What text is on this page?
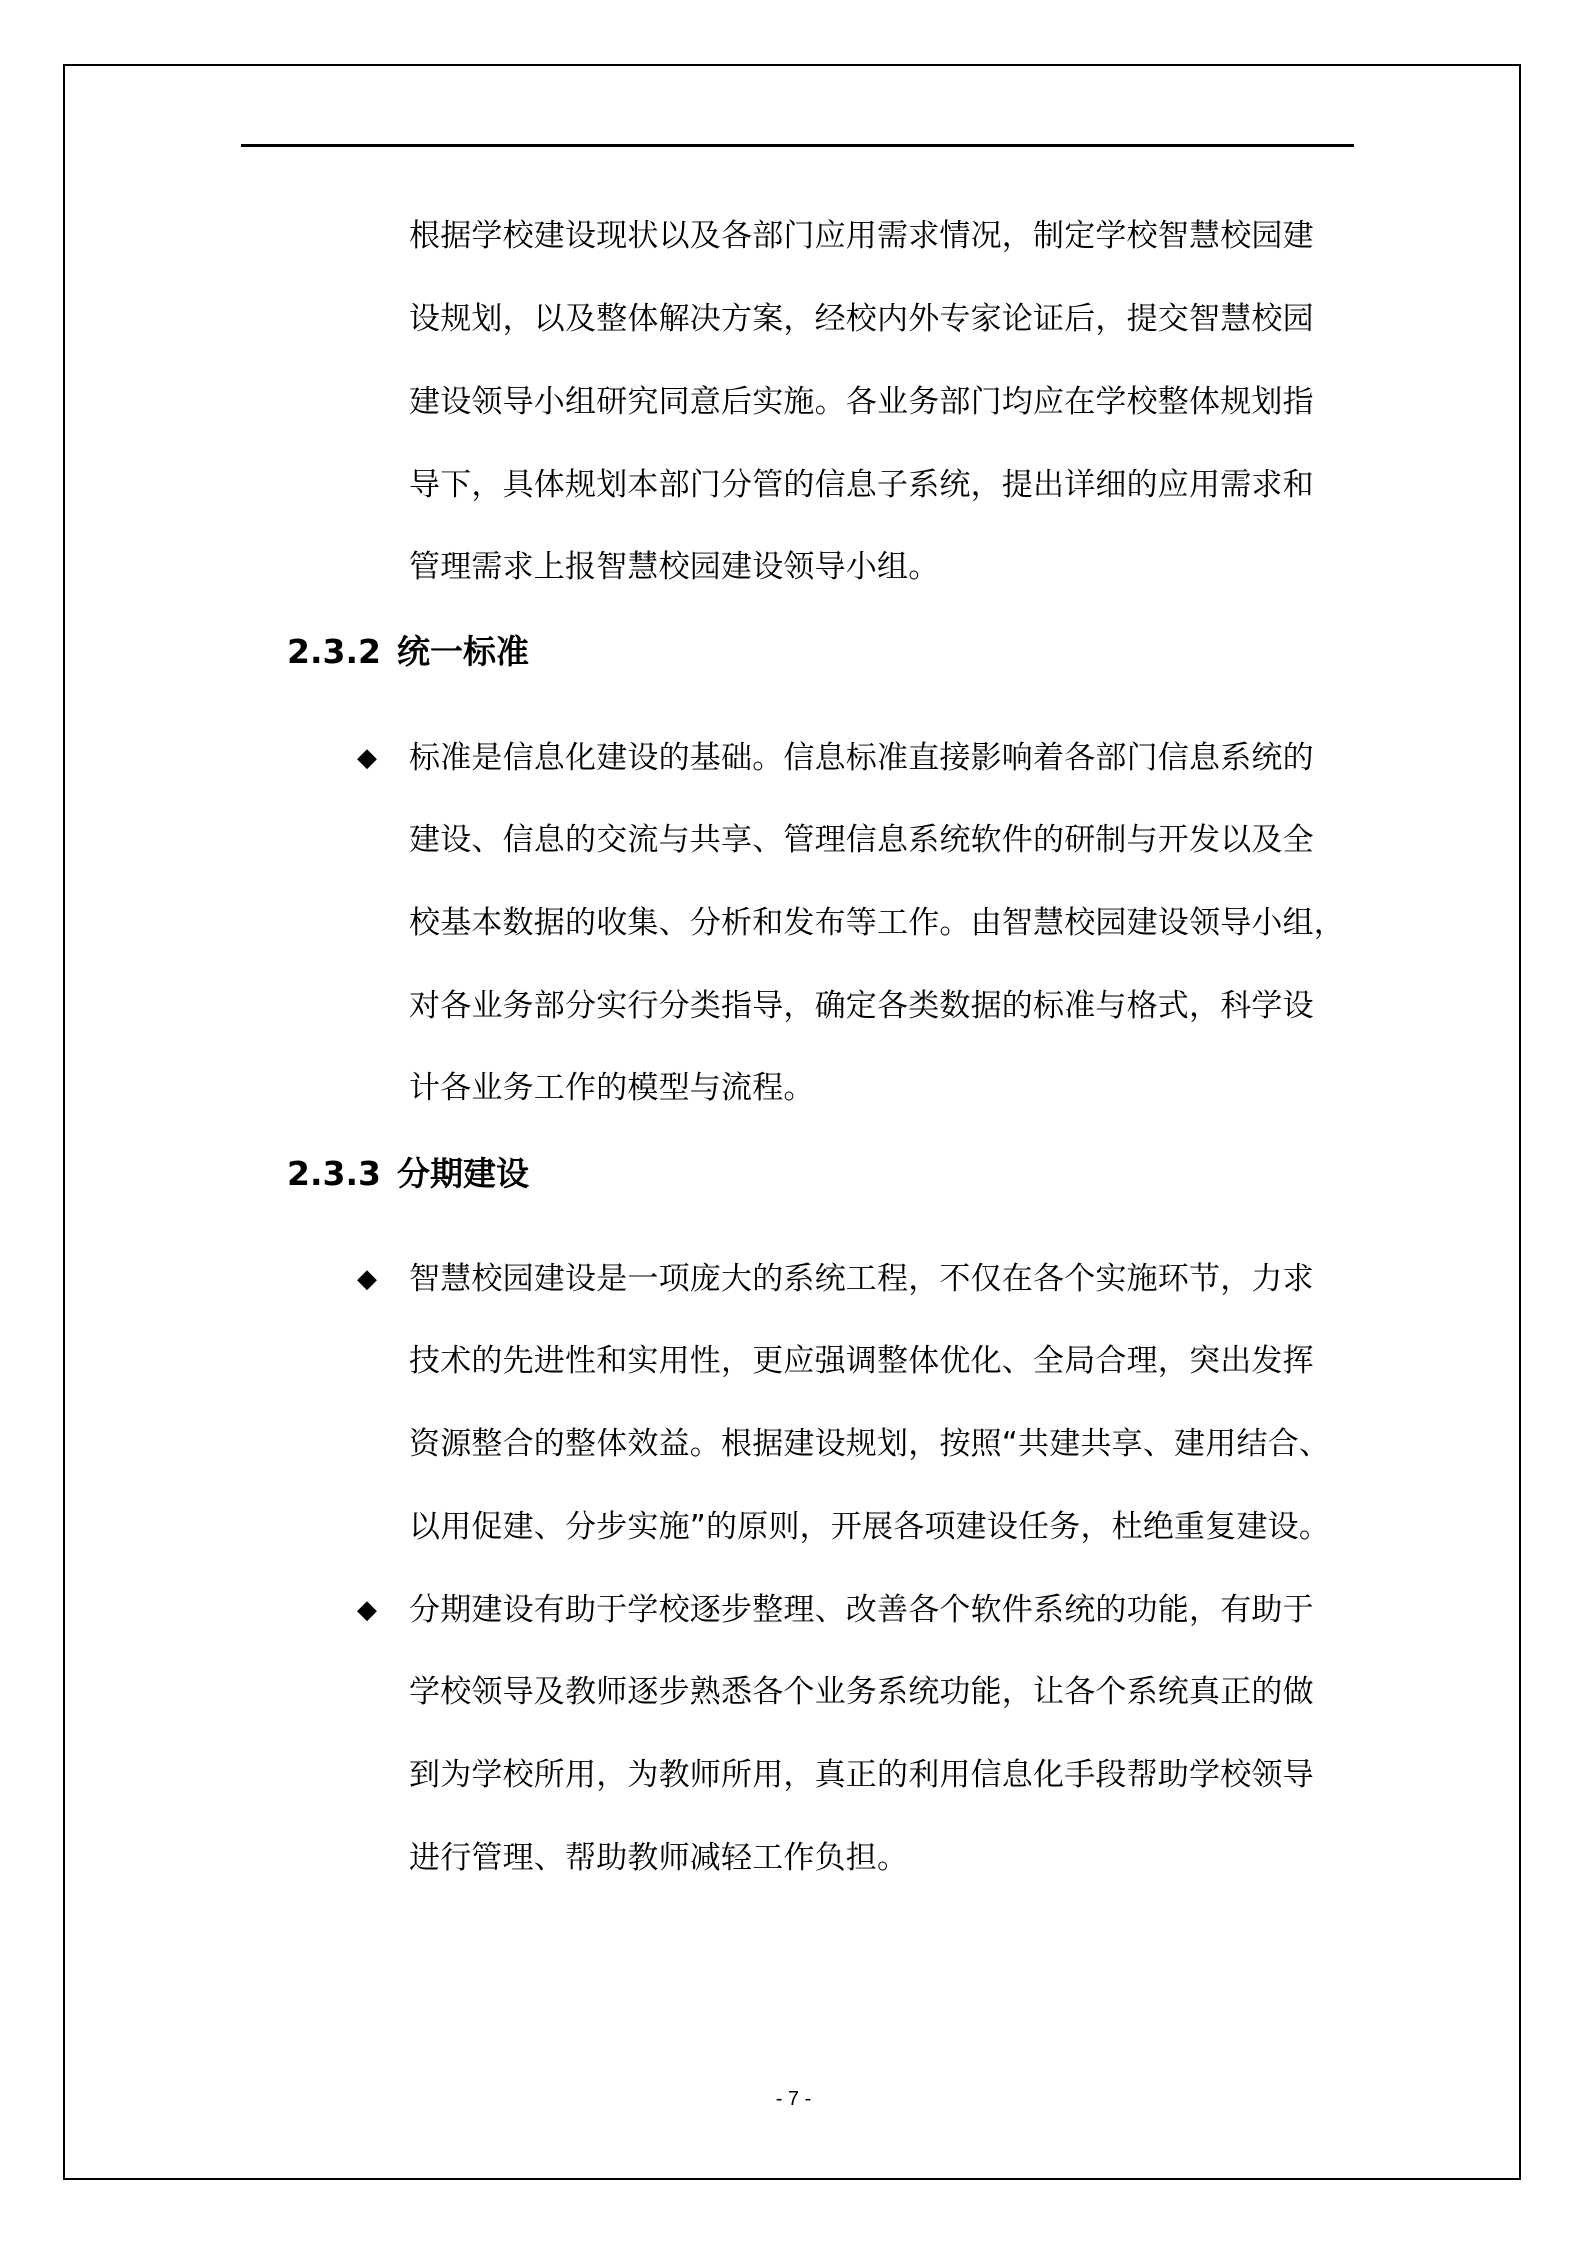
根据学校建设现状以及各部门应用需求情况，制定学校智慧校园建
设规划，以及整体解决方案，经校内外专家论证后，提交智慧校园
建设领导小组研究同意后实施。各业务部门均应在学校整体规划指
导下，具体规划本部门分管的信息子系统，提出详细的应用需求和
管理需求上报智慧校园建设领导小组。
2.3.2 统一标准
◆ 标准是信息化建设的基础。信息标准直接影响着各部门信息系统的
建设、信息的交流与共享、管理信息系统软件的研制与开发以及全
校基本数据的收集、分析和发布等工作。由智慧校园建设领导小组，
对各业务部分实行分类指导，确定各类数据的标准与格式，科学设
计各业务工作的模型与流程。
2.3.3 分期建设
◆ 智慧校园建设是一项庞大的系统工程，不仅在各个实施环节，力求
技术的先进性和实用性，更应强调整体优化、全局合理，突出发挥
资源整合的整体效益。根据建设规划，按照“共建共享、建用结合、
以用促建、分步实施”的原则，开展各项建设任务，杜绝重复建设。
◆ 分期建设有助于学校逐步整理、改善各个软件系统的功能，有助于
学校领导及教师逐步熟悉各个业务系统功能，让各个系统真正的做
到为学校所用，为教师所用，真正的利用信息化手段帮助学校领导
进行管理、帮助教师减轻工作负担。
- 7 -
